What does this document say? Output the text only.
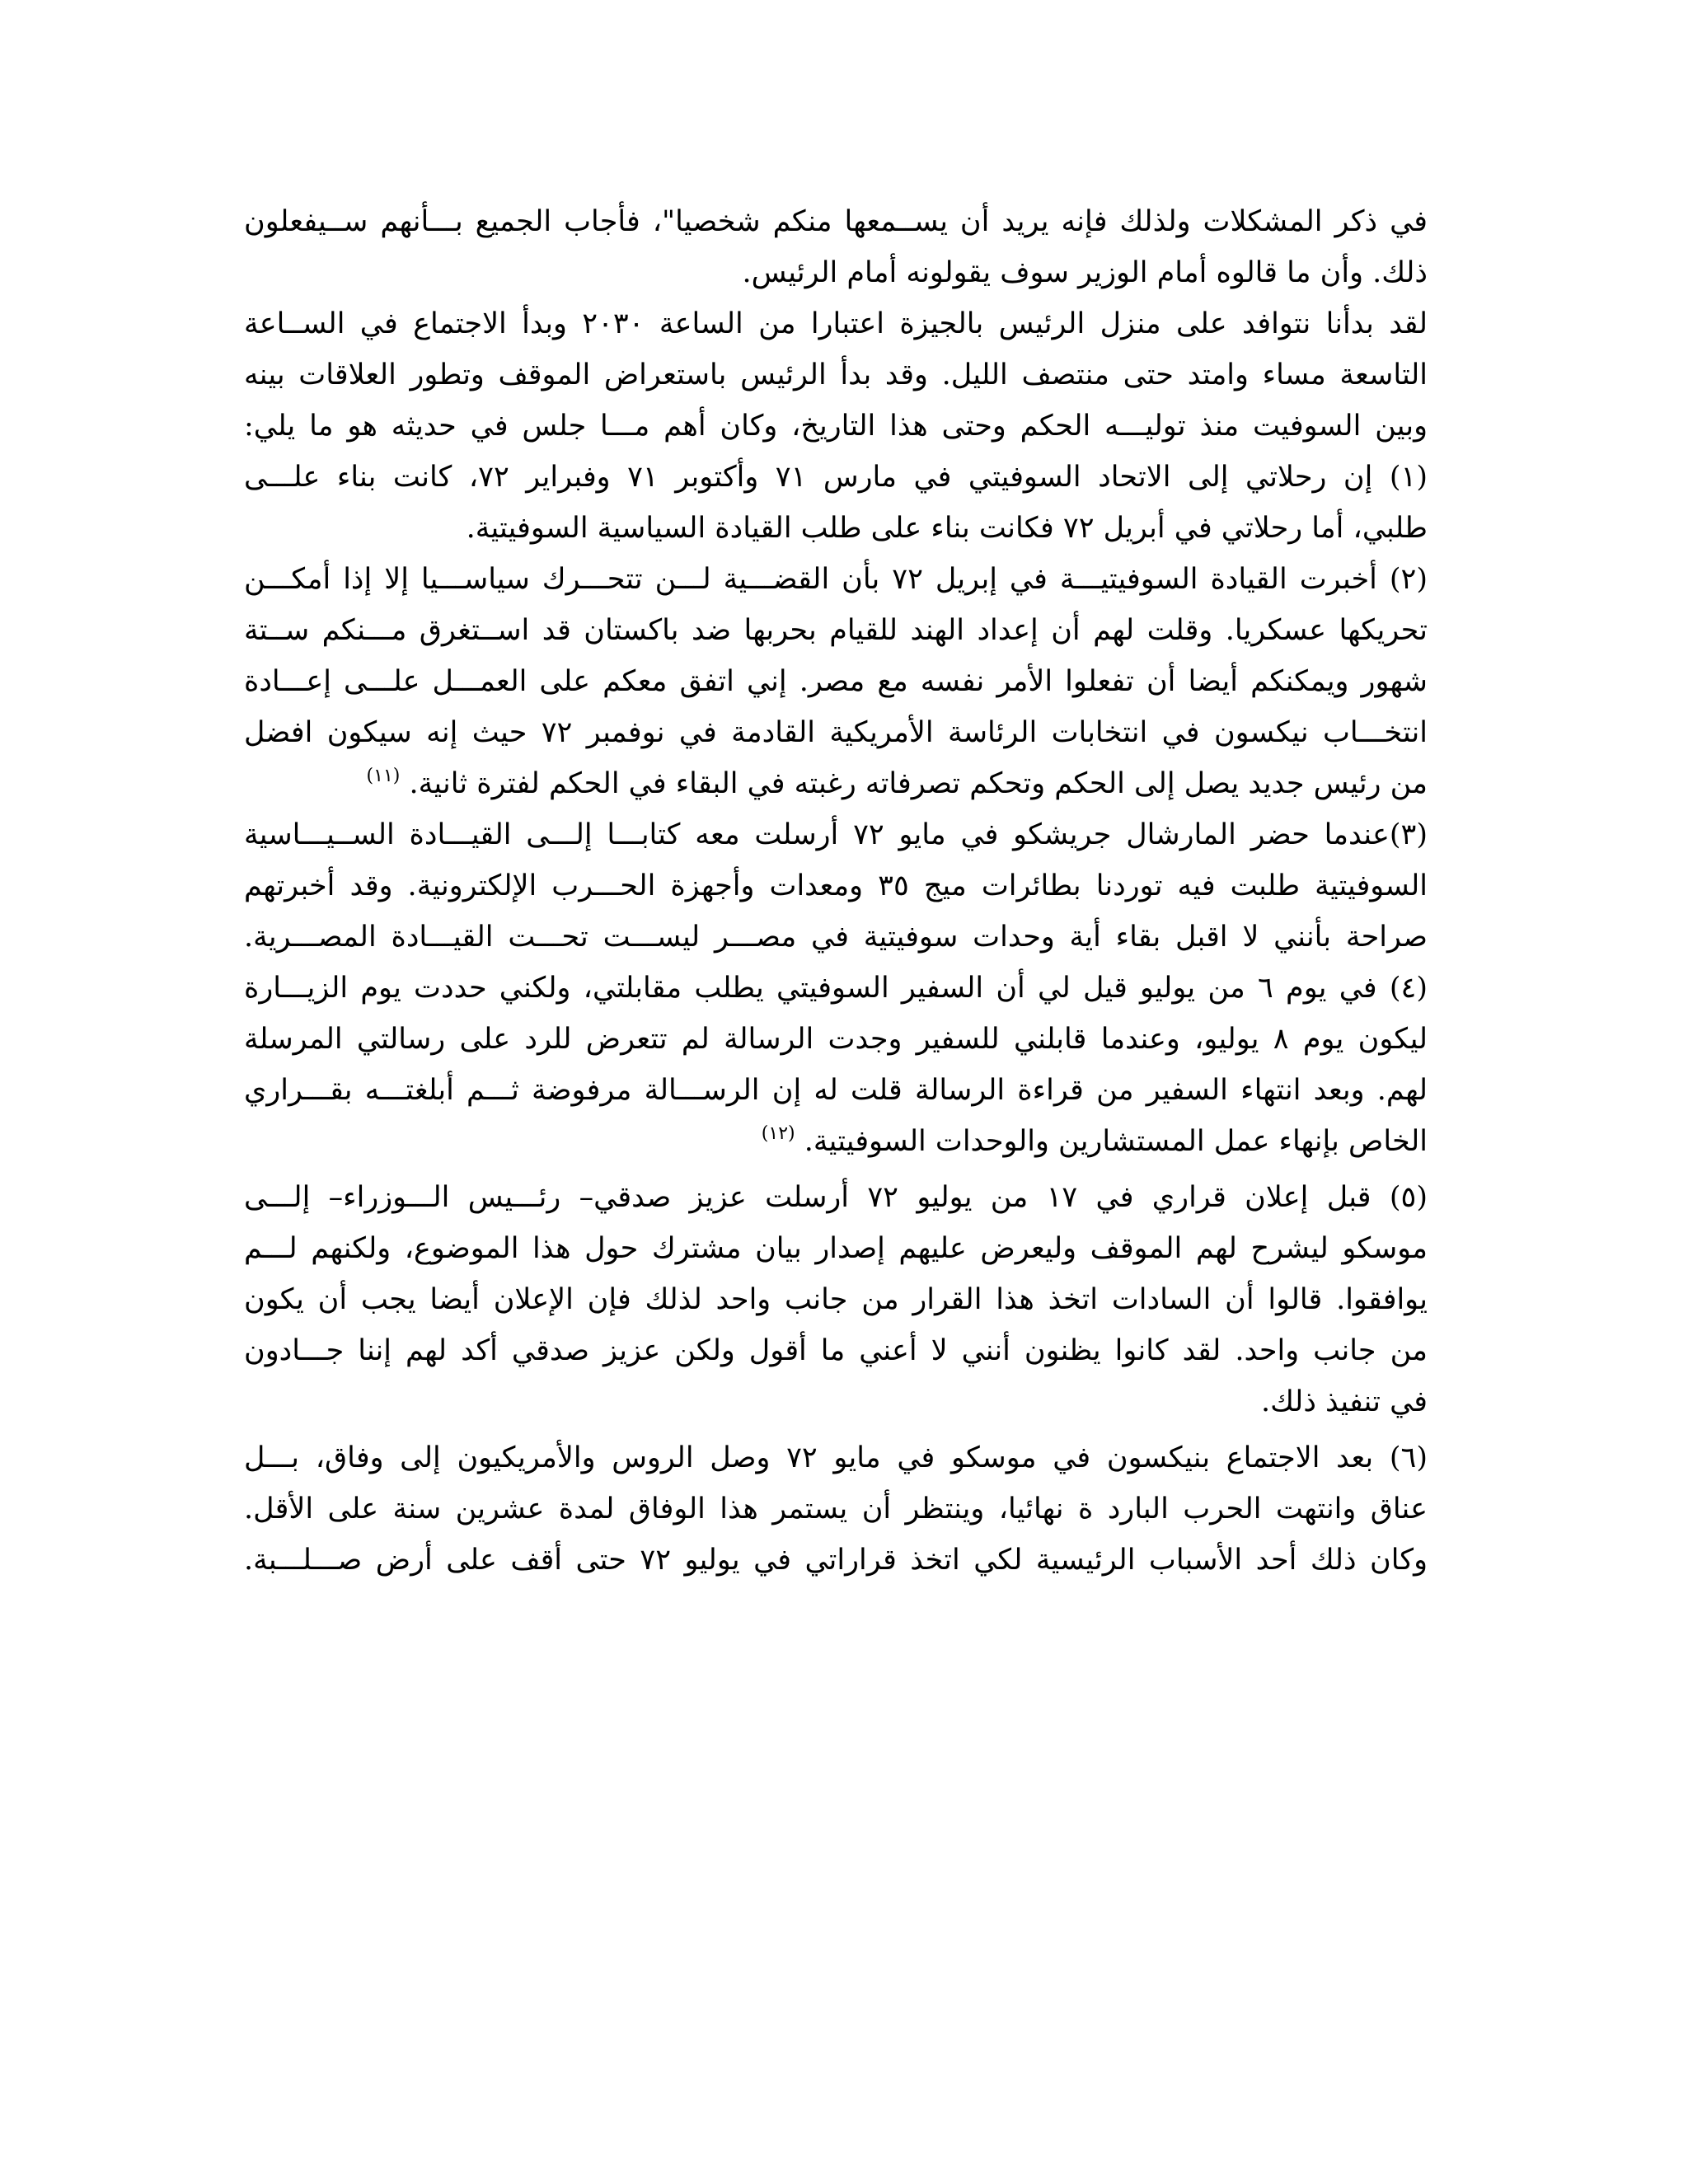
في ذكر المشكلات ولذلك فإنه يريد أن يســمعها منكم شخصيا"، فأجاب الجميع بـــأنهم ســيفعلون
ذلك. وأن ما قالوه أمام الوزير سوف يقولونه أمام الرئيس.
لقد بدأنا نتوافد على منزل الرئيس بالجيزة اعتبارا من الساعة ٢٠٣٠ وبدأ الاجتماع في الســاعة
التاسعة مساء وامتد حتى منتصف الليل. وقد بدأ الرئيس باستعراض الموقف وتطور العلاقات بينه
وبين السوفيت منذ توليـــه الحكم وحتى هذا التاريخ، وكان أهم مـــا جلس في حديثه هو ما يلي:
(١) إن رحلاتي إلى الاتحاد السوفيتي في مارس ٧١ وأكتوبر ٧١ وفبراير ٧٢، كانت بناء علـــى
طلبي، أما رحلاتي في أبريل ٧٢ فكانت بناء على طلب القيادة السياسية السوفيتية.
(٢) أخبرت القيادة السوفيتيـــة في إبريل ٧٢ بأن القضـــية لـــن تتحـــرك سياســـيا إلا إذا أمكـــن
تحريكها عسكريا. وقلت لهم أن إعداد الهند للقيام بحربها ضد باكستان قد اســتغرق مـــنكم ســتة
شهور ويمكنكم أيضا أن تفعلوا الأمر نفسه مع مصر. إني اتفق معكم على العمـــل علـــى إعـــادة
انتخـــاب نيكسون في انتخابات الرئاسة الأمريكية القادمة في نوفمبر ٧٢ حيث إنه سيكون افضل
من رئيس جديد يصل إلى الحكم وتحكم تصرفاته رغبته في البقاء في الحكم لفترة ثانية. $^{(١١)}$
(٣)عندما حضر المارشال جريشكو في مايو ٧٢ أرسلت معه كتابـــا إلـــى القيـــادة الســيـــاسية
السوفيتية طلبت فيه توردنا بطائرات ميج ٣٥ ومعدات وأجهزة الحـــرب الإلكترونية. وقد أخبرتهم
صراحة بأنني لا اقبل بقاء أية وحدات سوفيتية في مصـــر ليســـت تحـــت القيـــادة المصـــرية.
(٤) في يوم ٦ من يوليو قيل لي أن السفير السوفيتي يطلب مقابلتي، ولكني حددت يوم الزيـــارة
ليكون يوم ٨ يوليو، وعندما قابلني للسفير وجدت الرسالة لم تتعرض للرد على رسالتي المرسلة
لهم. وبعد انتهاء السفير من قراءة الرسالة قلت له إن الرســـالة مرفوضة ثـــم أبلغتـــه بقـــراري
الخاص بإنهاء عمل المستشارين والوحدات السوفيتية. $^{(١٢)}$
(٥) قبل إعلان قراري في ١٧ من يوليو ٧٢ أرسلت عزيز صدقي– رئـــيس الـــوزراء– إلـــى
موسكو ليشرح لهم الموقف وليعرض عليهم إصدار بيان مشترك حول هذا الموضوع، ولكنهم لـــم
يوافقوا. قالوا أن السادات اتخذ هذا القرار من جانب واحد لذلك فإن الإعلان أيضا يجب أن يكون
من جانب واحد. لقد كانوا يظنون أنني لا أعني ما أقول ولكن عزيز صدقي أكد لهم إننا جـــادون
في تنفيذ ذلك.
(٦) بعد الاجتماع بنيكسون في موسكو في مايو ٧٢ وصل الروس والأمريكيون إلى وفاق، بـــل
عناق وانتهت الحرب البارد ة نهائيا، وينتظر أن يستمر هذا الوفاق لمدة عشرين سنة على الأقل.
وكان ذلك أحد الأسباب الرئيسية لكي اتخذ قراراتي في يوليو ٧٢ حتى أقف على أرض صـــلـــبة.
